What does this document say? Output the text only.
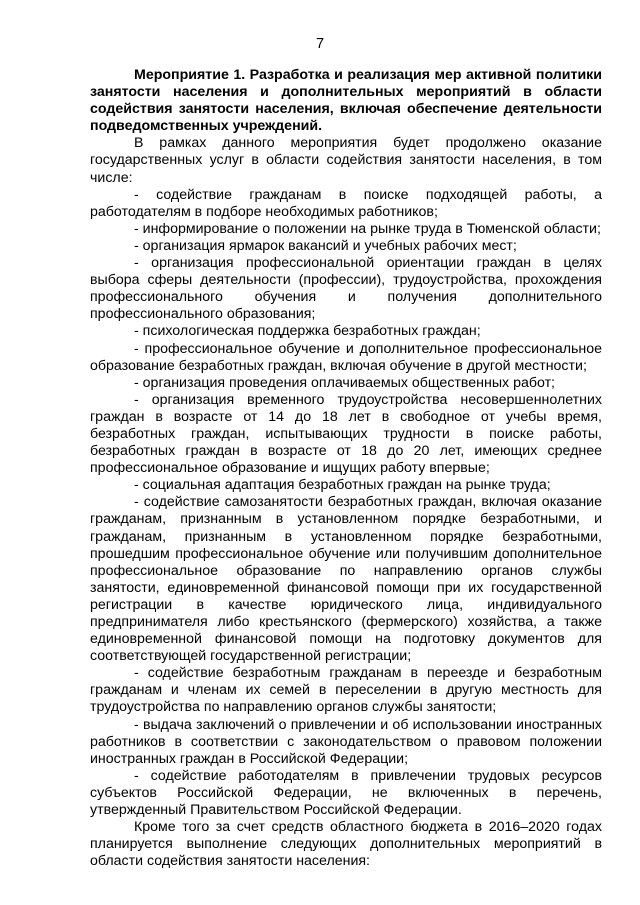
7

Мероприятие 1. Разработка и реализация мер активной политики занятости населения и дополнительных мероприятий в области содействия занятости населения, включая обеспечение деятельности подведомственных учреждений.

В рамках данного мероприятия будет продолжено оказание государственных услуг в области содействия занятости населения, в том числе:

- содействие гражданам в поиске подходящей работы, а работодателям в подборе необходимых работников;

- информирование о положении на рынке труда в Тюменской области;

- организация ярмарок вакансий и учебных рабочих мест;

- организация профессиональной ориентации граждан в целях выбора сферы деятельности (профессии), трудоустройства, прохождения профессионального обучения и получения дополнительного профессионального образования;

- психологическая поддержка безработных граждан;

- профессиональное обучение и дополнительное профессиональное образование безработных граждан, включая обучение в другой местности;

- организация проведения оплачиваемых общественных работ;

- организация временного трудоустройства несовершеннолетних граждан в возрасте от 14 до 18 лет в свободное от учебы время, безработных граждан, испытывающих трудности в поиске работы, безработных граждан в возрасте от 18 до 20 лет, имеющих среднее профессиональное образование и ищущих работу впервые;

- социальная адаптация безработных граждан на рынке труда;

- содействие самозанятости безработных граждан, включая оказание гражданам, признанным в установленном порядке безработными, и гражданам, признанным в установленном порядке безработными, прошедшим профессиональное обучение или получившим дополнительное профессиональное образование по направлению органов службы занятости, единовременной финансовой помощи при их государственной регистрации в качестве юридического лица, индивидуального предпринимателя либо крестьянского (фермерского) хозяйства, а также единовременной финансовой помощи на подготовку документов для соответствующей государственной регистрации;

- содействие безработным гражданам в переезде и безработным гражданам и членам их семей в переселении в другую местность для трудоустройства по направлению органов службы занятости;

- выдача заключений о привлечении и об использовании иностранных работников в соответствии с законодательством о правовом положении иностранных граждан в Российской Федерации;

- содействие работодателям в привлечении трудовых ресурсов субъектов Российской Федерации, не включенных в перечень, утвержденный Правительством Российской Федерации.

Кроме того за счет средств областного бюджета в 2016–2020 годах планируется выполнение следующих дополнительных мероприятий в области содействия занятости населения:
